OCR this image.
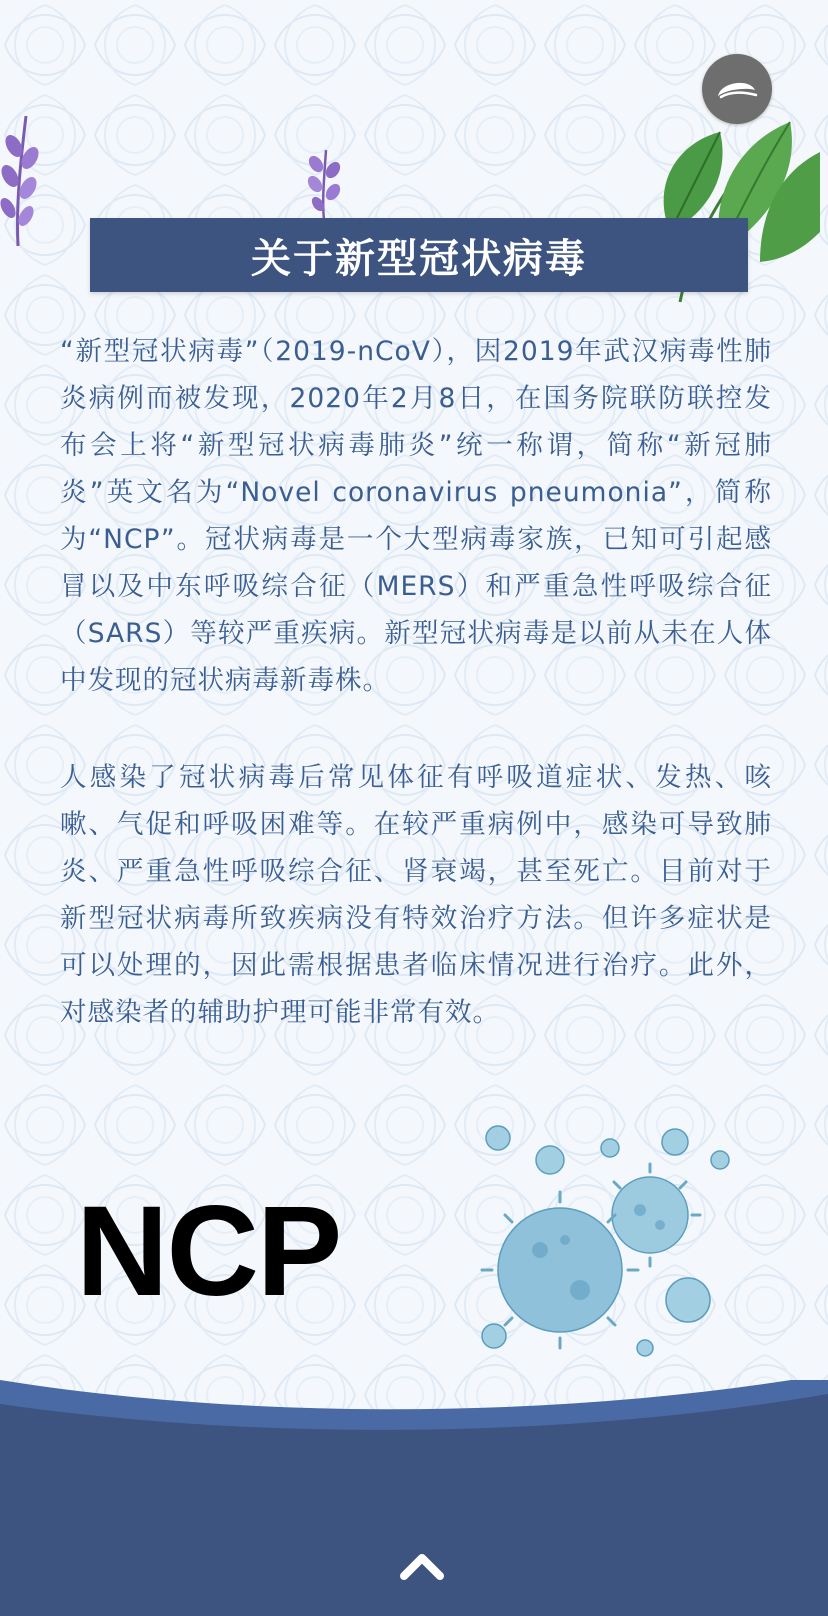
关于新型冠状病毒

“新型冠状病毒”（2019-nCoV），因2019年武汉病毒性肺炎病例而被发现，2020年2月8日，在国务院联防联控发布会上将“新型冠状病毒肺炎”统一称谓，简称“新冠肺炎”英文名为“Novel coronavirus pneumonia”，简称为“NCP”。冠状病毒是一个大型病毒家族，已知可引起感冒以及中东呼吸综合征（MERS）和严重急性呼吸综合征（SARS）等较严重疾病。新型冠状病毒是以前从未在人体中发现的冠状病毒新毒株。

人感染了冠状病毒后常见体征有呼吸道症状、发热、咳嗽、气促和呼吸困难等。在较严重病例中，感染可导致肺炎、严重急性呼吸综合征、肾衰竭，甚至死亡。目前对于新型冠状病毒所致疾病没有特效治疗方法。但许多症状是可以处理的，因此需根据患者临床情况进行治疗。此外，对感染者的辅助护理可能非常有效。

NCP
